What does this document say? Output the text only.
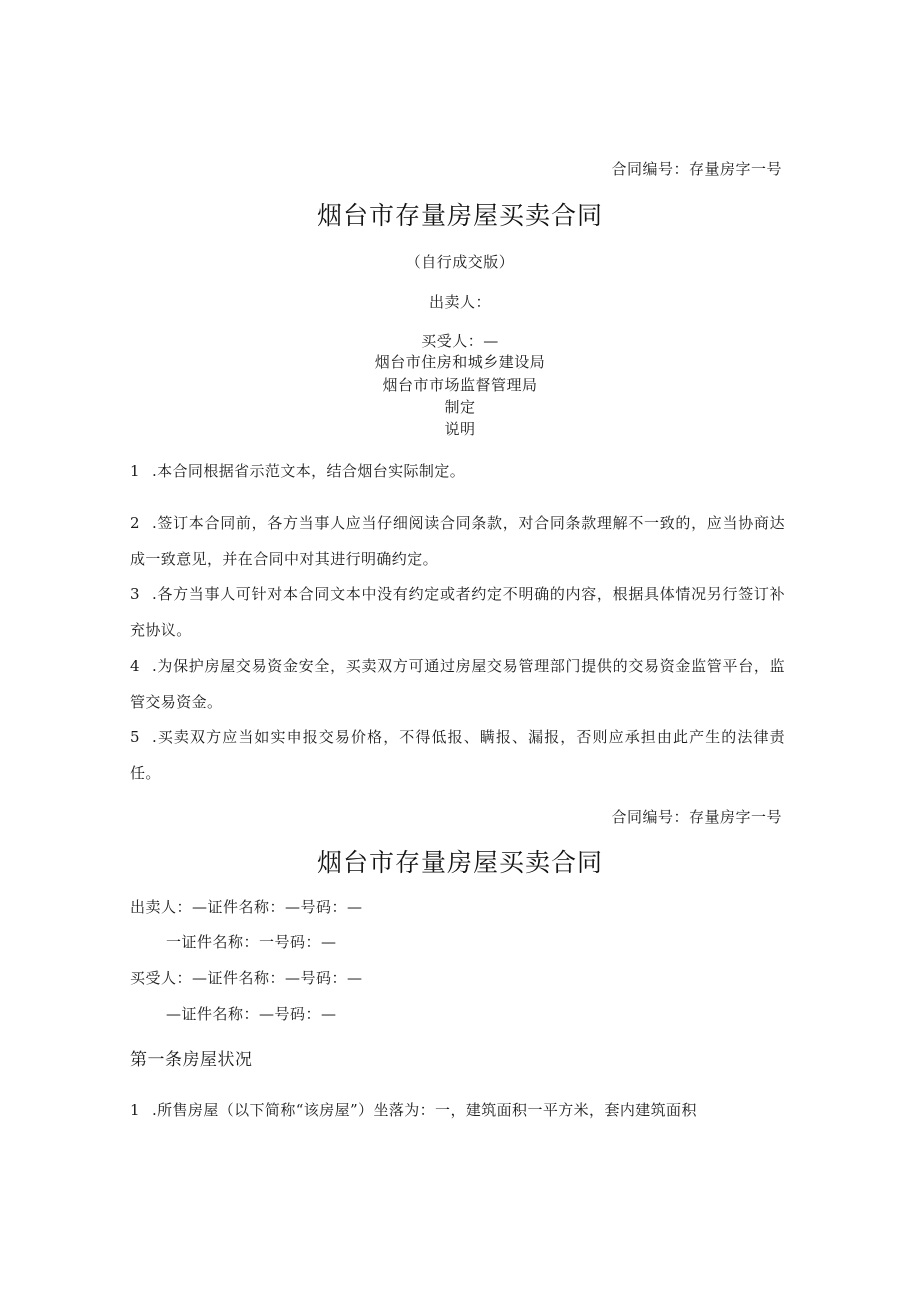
合同编号：存量房字一号
烟台市存量房屋买卖合同
（自行成交版）
出卖人：
买受人：—
烟台市住房和城乡建设局
烟台市市场监督管理局
制定
说明

1 .本合同根据省示范文本，结合烟台实际制定。

2 .签订本合同前，各方当事人应当仔细阅读合同条款，对合同条款理解不一致的，应当协商达成一致意见，并在合同中对其进行明确约定。

3 .各方当事人可针对本合同文本中没有约定或者约定不明确的内容，根据具体情况另行签订补充协议。

4 .为保护房屋交易资金安全，买卖双方可通过房屋交易管理部门提供的交易资金监管平台，监管交易资金。

5 .买卖双方应当如实申报交易价格，不得低报、瞒报、漏报，否则应承担由此产生的法律责任。

合同编号：存量房字一号
烟台市存量房屋买卖合同
出卖人：—证件名称：—号码：—
一证件名称：一号码：—
买受人：—证件名称：—号码：—
—证件名称：—号码：—
第一条房屋状况

1 .所售房屋（以下简称“该房屋”）坐落为：一，建筑面积一平方米，套内建筑面积
